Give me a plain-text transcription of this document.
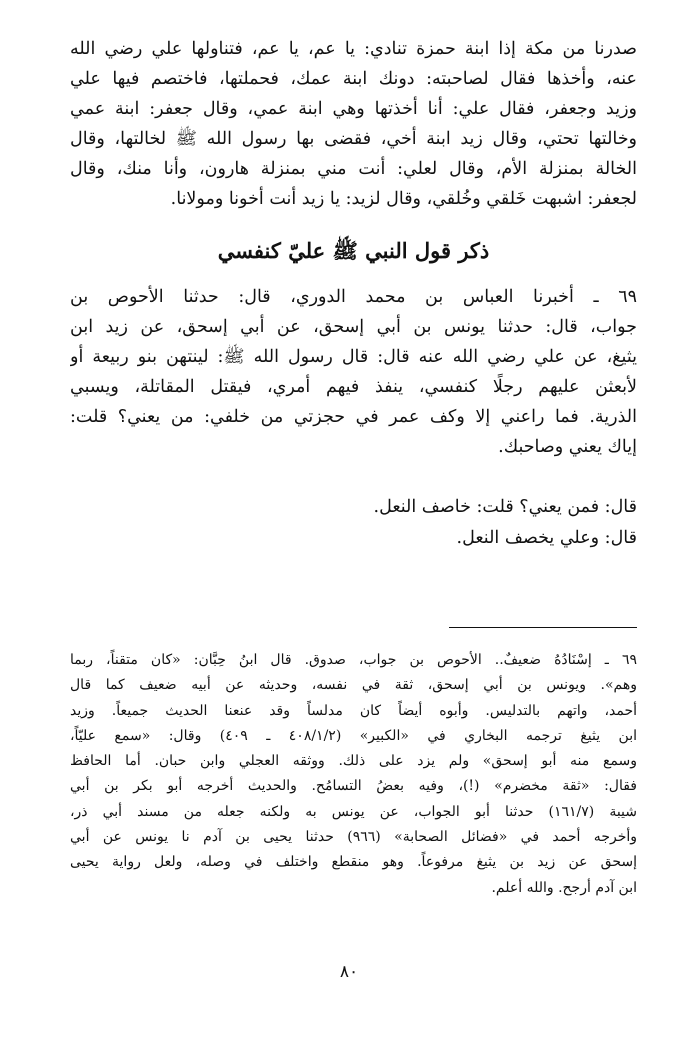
صدرنا من مكة إذا ابنة حمزة تنادي: يا عم، يا عم، فتناولها علي رضي الله
عنه، وأخذها فقال لصاحبته: دونك ابنة عمك، فحملتها، فاختصم فيها علي
وزيد وجعفر، فقال علي: أنا أخذتها وهي ابنة عمي، وقال جعفر: ابنة عمي
وخالتها تحتي، وقال زيد ابنة أخي، فقضى بها رسول الله ﷺ لخالتها، وقال
الخالة بمنزلة الأم، وقال لعلي: أنت مني بمنزلة هارون، وأنا منك، وقال
لجعفر: اشبهت خَلقي وخُلقي، وقال لزيد: يا زيد أنت أخونا ومولانا.

ذكر قول النبي ﷺ عليّ كنفسي

٦٩ ـ أخبرنا العباس بن محمد الدوري، قال: حدثنا الأحوص بن
جواب، قال: حدثنا يونس بن أبي إسحق، عن أبي إسحق، عن زيد ابن
يثيغ، عن علي رضي الله عنه قال: قال رسول الله ﷺ: لينتهن بنو ربيعة أو
لأبعثن عليهم رجلًا كنفسي، ينفذ فيهم أمري، فيقتل المقاتلة، ويسبي
الذرية. فما راعني إلا وكف عمر في حجزتي من خلفي: من يعني؟ قلت:
إياك يعني وصاحبك.

قال: فمن يعني؟ قلت: خاصف النعل.
قال: وعلي يخصف النعل.
٦٩ ـ إسْنَادُهُ ضعيفٌ.. الأحوص بن جواب، صدوق. قال ابنُ حِبَّان: «كان متقناً، ربما
وهم». ويونس بن أبي إسحق، ثقة في نفسه، وحديثه عن أبيه ضعيف كما قال
أحمد، واتهم بالتدليس. وأبوه أيضاً كان مدلساً وقد عنعنا الحديث جميعاً. وزيد
ابن يثيغ ترجمه البخاري في «الكبير» (٤٠٨/١/٢ ـ ٤٠٩) وقال: «سمع عليّاً،
وسمع منه أبو إسحق» ولم يزد على ذلك. ووثقه العجلي وابن حبان. أما الحافظ
فقال: «ثقة مخضرم» (!)، وفيه بعضُ التسامُح. والحديث أخرجه أبو بكر بن أبي
شيبة (١٦١/٧) حدثنا أبو الجواب، عن يونس به ولكنه جعله من مسند أبي ذر،
وأخرجه أحمد في «فضائل الصحابة» (٩٦٦) حدثنا يحيى بن آدم نا يونس عن أبي
إسحق عن زيد بن يثيغ مرفوعاً. وهو منقطع واختلف في وصله، ولعل رواية يحيى
ابن آدم أرجح. والله أعلم.
٨٠
